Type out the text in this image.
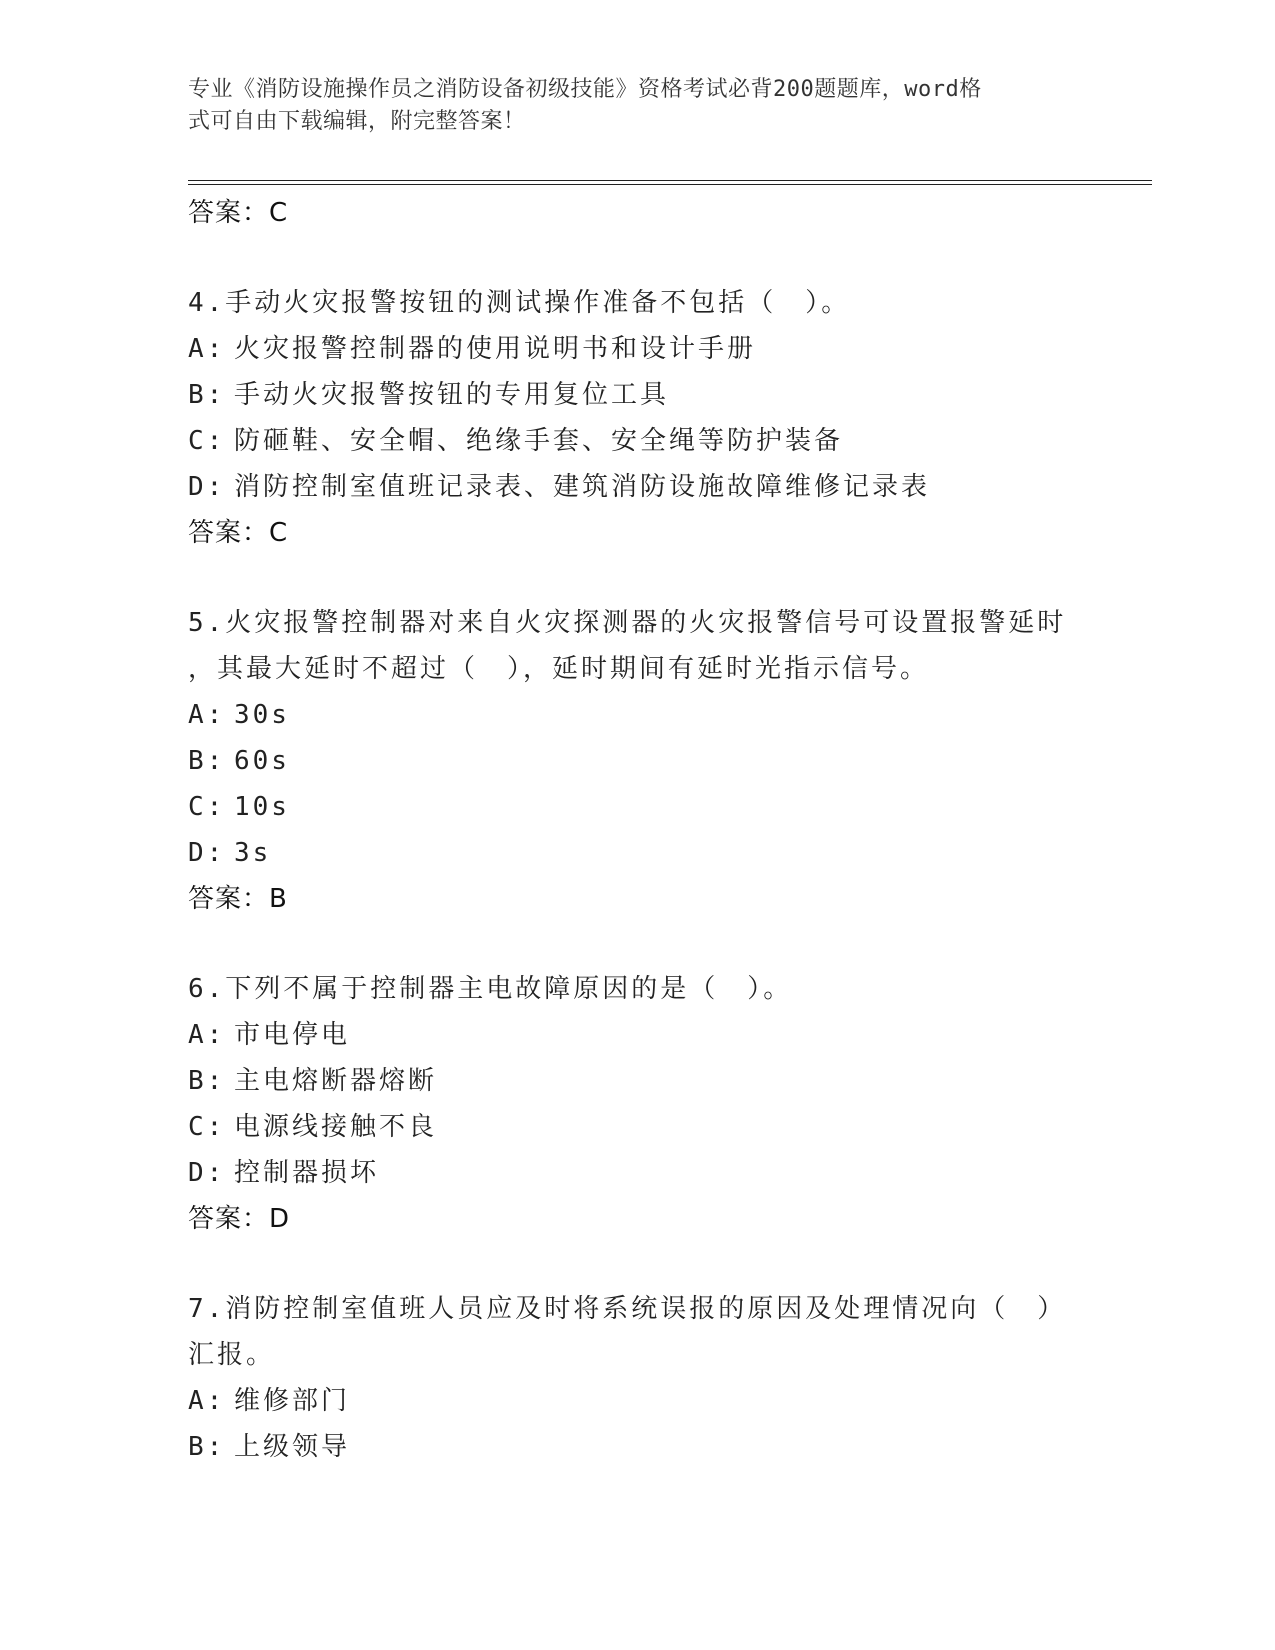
专业《消防设施操作员之消防设备初级技能》资格考试必背200题题库，word格
式可自由下载编辑，附完整答案！
答案：C
4.手动火灾报警按钮的测试操作准备不包括（　）。
A: 火灾报警控制器的使用说明书和设计手册
B: 手动火灾报警按钮的专用复位工具
C: 防砸鞋、安全帽、绝缘手套、安全绳等防护装备
D: 消防控制室值班记录表、建筑消防设施故障维修记录表
答案：C
5.火灾报警控制器对来自火灾探测器的火灾报警信号可设置报警延时
，其最大延时不超过（　），延时期间有延时光指示信号。
A: 30s
B: 60s
C: 10s
D: 3s
答案：B
6.下列不属于控制器主电故障原因的是（　）。
A: 市电停电
B: 主电熔断器熔断
C: 电源线接触不良
D: 控制器损坏
答案：D
7.消防控制室值班人员应及时将系统误报的原因及处理情况向（　）
汇报。
A: 维修部门
B: 上级领导
